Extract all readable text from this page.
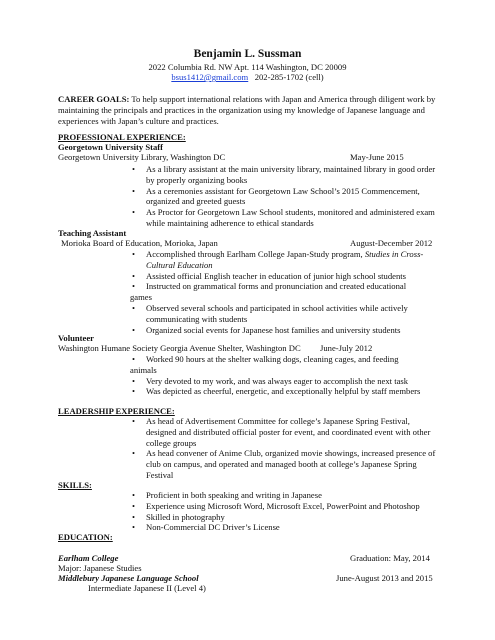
Benjamin L. Sussman
2022 Columbia Rd. NW Apt. 114 Washington, DC 20009
bsus1412@gmail.com 202-285-1702 (cell)
CAREER GOALS: To help support international relations with Japan and America through diligent work by maintaining the principals and practices in the organization using my knowledge of Japanese language and experiences with Japan’s culture and practices.
PROFESSIONAL EXPERIENCE:
Georgetown University Staff
Georgetown University Library, Washington DC	May-June 2015
• As a library assistant at the main university library, maintained library in good order by properly organizing books
• As a ceremonies assistant for Georgetown Law School’s 2015 Commencement, organized and greeted guests
• As Proctor for Georgetown Law School students, monitored and administered exam while maintaining adherence to ethical standards
Teaching Assistant
Morioka Board of Education, Morioka, Japan	August-December 2012
• Accomplished through Earlham College Japan-Study program, Studies in Cross-Cultural Education
• Assisted official English teacher in education of junior high school students
• Instructed on grammatical forms and pronunciation and created educational
games
• Observed several schools and participated in school activities while actively communicating with students
• Organized social events for Japanese host families and university students
Volunteer
Washington Humane Society Georgia Avenue Shelter, Washington DC June-July 2012
• Worked 90 hours at the shelter walking dogs, cleaning cages, and feeding
animals
• Very devoted to my work, and was always eager to accomplish the next task
• Was depicted as cheerful, energetic, and exceptionally helpful by staff members
LEADERSHIP EXPERIENCE:
• As head of Advertisement Committee for college’s Japanese Spring Festival, designed and distributed official poster for event, and coordinated event with other college groups
• As head convener of Anime Club, organized movie showings, increased presence of club on campus, and operated and managed booth at college’s Japanese Spring Festival
SKILLS:
• Proficient in both speaking and writing in Japanese
• Experience using Microsoft Word, Microsoft Excel, PowerPoint and Photoshop
• Skilled in photography
• Non-Commercial DC Driver’s License
EDUCATION:
Earlham College	Graduation: May, 2014
Major: Japanese Studies
Middlebury Japanese Language School	June-August 2013 and 2015
Intermediate Japanese II (Level 4)
